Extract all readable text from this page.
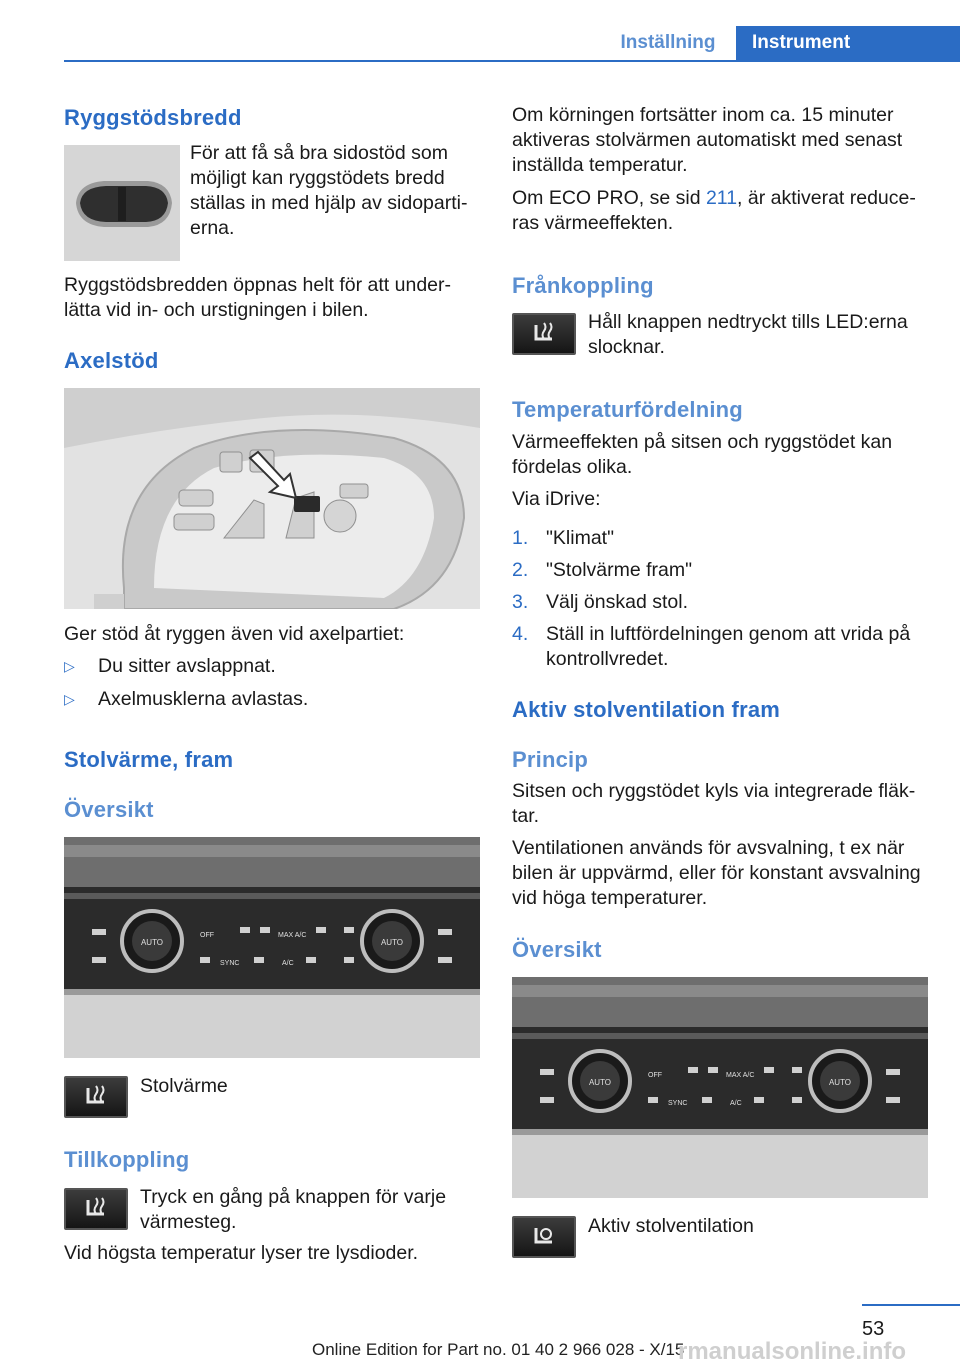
Inställning	Instrument
Ryggstödsbredd

För att få så bra sidostöd som möjligt kan ryggstödets bredd ställas in med hjälp av sidoparti-erna.

Ryggstödsbredden öppnas helt för att under-lätta vid in- och urstigningen i bilen.

Axelstöd

Ger stöd åt ryggen även vid axelpartiet:

▷ Du sitter avslappnat.
▷ Axelmusklerna avlastas.
Stolvärme, fram
Översikt
AUTO	AUTO
OFF	MAX A/C
SYNC	A/C

Stolvärme

Tillkoppling

Tryck en gång på knappen för varje värmesteg.

Vid högsta temperatur lyser tre lysdioder.

Om körningen fortsätter inom ca. 15 minuter aktiveras stolvärmen automatiskt med senast inställda temperatur.

Om ECO PRO, se sid 211, är aktiverat reduce-ras värmeeffekten.

Frånkoppling

Håll knappen nedtryckt tills LED:erna slocknar.

Temperaturfördelning

Värmeeffekten på sitsen och ryggstödet kan fördelas olika.

Via iDrive:

1. "Klimat"
2. "Stolvärme fram"
3. Välj önskad stol.
4. Ställ in luftfördelningen genom att vrida på kontrollvredet.
Aktiv stolventilation fram
Princip

Sitsen och ryggstödet kyls via integrerade fläk-tar.

Ventilationen används för avsvalning, t ex när bilen är uppvärmd, eller för konstant avsvalning vid höga temperaturer.

Översikt
AUTO	AUTO
OFF	MAX A/C
SYNC	A/C

Aktiv stolventilation

53
Online Edition for Part no. 01 40 2 966 028 - X/15
rmanualsonline.info
